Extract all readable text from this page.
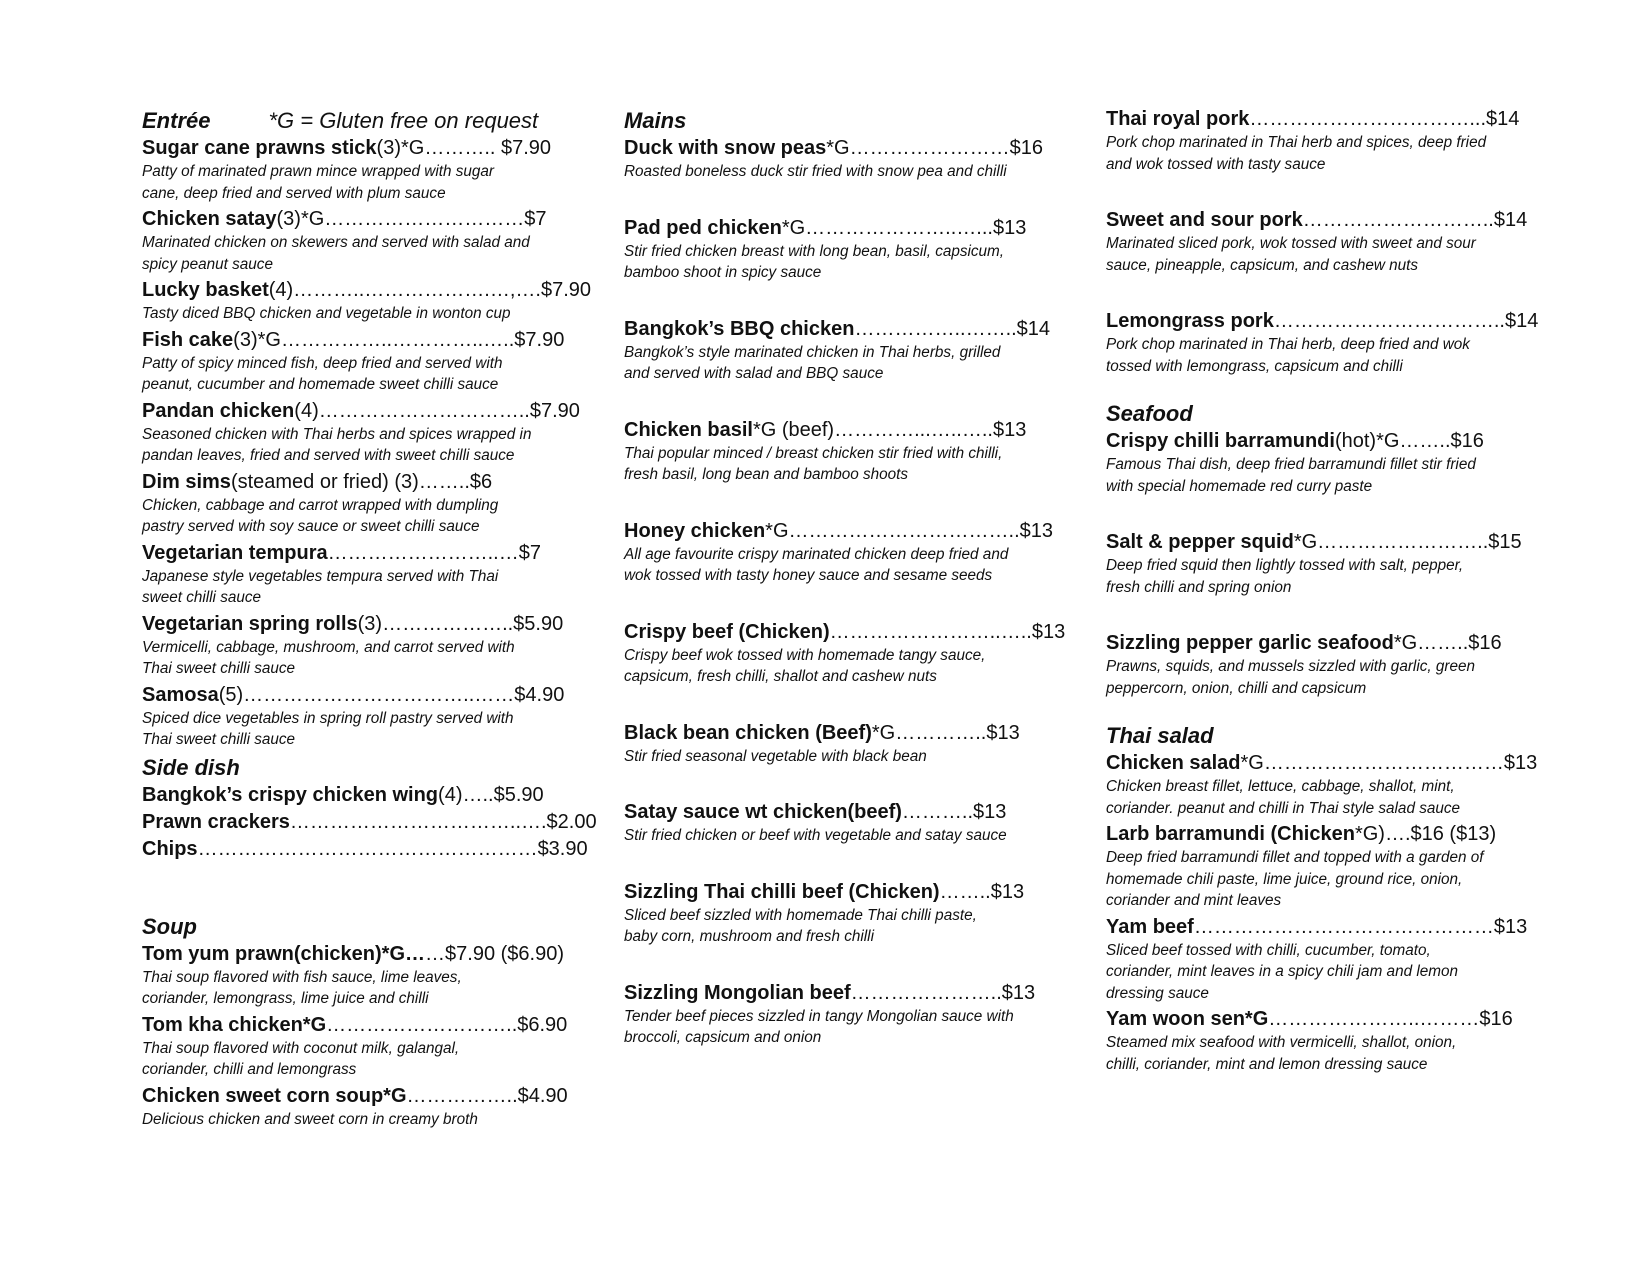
Entrée	*G = Gluten free on request
Sugar cane prawns stick(3)*G……….. $7.90
Patty of marinated prawn mince wrapped with sugar
cane, deep fried and served with plum sauce
Chicken satay(3)*G…………………………$7
Marinated chicken on skewers and served with salad and
spicy peanut sauce
Lucky basket(4)………..……………….…,….$7.90
Tasty diced BBQ chicken and vegetable in wonton cup
Fish cake(3)*G……………..…………..…..$7.90
Patty of spicy minced fish, deep fried and served with
peanut, cucumber and homemade sweet chilli sauce
Pandan chicken(4)…………………………..$7.90
Seasoned chicken with Thai herbs and spices wrapped in
pandan leaves, fried and served with sweet chilli sauce
Dim sims(steamed or fried) (3)……..$6
Chicken, cabbage and carrot wrapped with dumpling
pastry served with soy sauce or sweet chilli sauce
Vegetarian tempura……………………..…$7
Japanese style vegetables tempura served with Thai
sweet chilli sauce
Vegetarian spring rolls(3)………………..$5.90
Vermicelli, cabbage, mushroom, and carrot served with
Thai sweet chilli sauce
Samosa(5)……………………………..……$4.90
Spiced dice vegetables in spring roll pastry served with
Thai sweet chilli sauce
Side dish
Bangkok’s crispy chicken wing(4)…..$5.90
Prawn crackers……………………………..….$2.00
Chips……………………………………………$3.90
Soup
Tom yum prawn(chicken)*G……$7.90 ($6.90)
Thai soup flavored with fish sauce, lime leaves,
coriander, lemongrass, lime juice and chilli
Tom kha chicken*G………………………..$6.90
Thai soup flavored with coconut milk, galangal,
coriander, chilli and lemongrass
Chicken sweet corn soup*G……………..$4.90
Delicious chicken and sweet corn in creamy broth
Mains
Duck with snow peas*G……………………$16
Roasted boneless duck stir fried with snow pea and chilli
Pad ped chicken*G…………………..…...$13
Stir fried chicken breast with long bean, basil, capsicum,
bamboo shoot in spicy sauce
Bangkok’s BBQ chicken……………..……..$14
Bangkok’s style marinated chicken in Thai herbs, grilled
and served with salad and BBQ sauce
Chicken basil*G (beef)…………...…..…..$13
Thai popular minced / breast chicken stir fried with chilli,
fresh basil, long bean and bamboo shoots
Honey chicken*G……………………………..$13
All age favourite crispy marinated chicken deep fried and
wok tossed with tasty honey sauce and sesame seeds
Crispy beef (Chicken)……………………..…..$13
Crispy beef wok tossed with homemade tangy sauce,
capsicum, fresh chilli, shallot and cashew nuts
Black bean chicken (Beef)*G…………..$13
Stir fried seasonal vegetable with black bean
Satay sauce wt chicken(beef)………..$13
Stir fried chicken or beef with vegetable and satay sauce
Sizzling Thai chilli beef (Chicken)……..$13
Sliced beef sizzled with homemade Thai chilli paste,
baby corn, mushroom and fresh chilli
Sizzling Mongolian beef…………………..$13
Tender beef pieces sizzled in tangy Mongolian sauce with
broccoli, capsicum and onion
Thai royal pork……………………………...$14
Pork chop marinated in Thai herb and spices, deep fried
and wok tossed with tasty sauce
Sweet and sour pork………………………..$14
Marinated sliced pork, wok tossed with sweet and sour
sauce, pineapple, capsicum, and cashew nuts
Lemongrass pork……………………………..$14
Pork chop marinated in Thai herb, deep fried and wok
tossed with lemongrass, capsicum and chilli
Seafood
Crispy chilli barramundi(hot)*G……..$16
Famous Thai dish, deep fried barramundi fillet stir fried
with special homemade red curry paste
Salt & pepper squid*G……………………..$15
Deep fried squid then lightly tossed with salt, pepper,
fresh chilli and spring onion
Sizzling pepper garlic seafood*G……..$16
Prawns, squids, and mussels sizzled with garlic, green
peppercorn, onion, chilli and capsicum
Thai salad
Chicken salad*G………………………………$13
Chicken breast fillet, lettuce, cabbage, shallot, mint,
coriander. peanut and chilli in Thai style salad sauce
Larb barramundi (Chicken*G)….$16 ($13)
Deep fried barramundi fillet and topped with a garden of
homemade chili paste, lime juice, ground rice, onion,
coriander and mint leaves
Yam beef………………………………………$13
Sliced beef tossed with chilli, cucumber, tomato,
coriander, mint leaves in a spicy chili jam and lemon
dressing sauce
Yam woon sen*G…………………..………$16
Steamed mix seafood with vermicelli, shallot, onion,
chilli, coriander, mint and lemon dressing sauce
